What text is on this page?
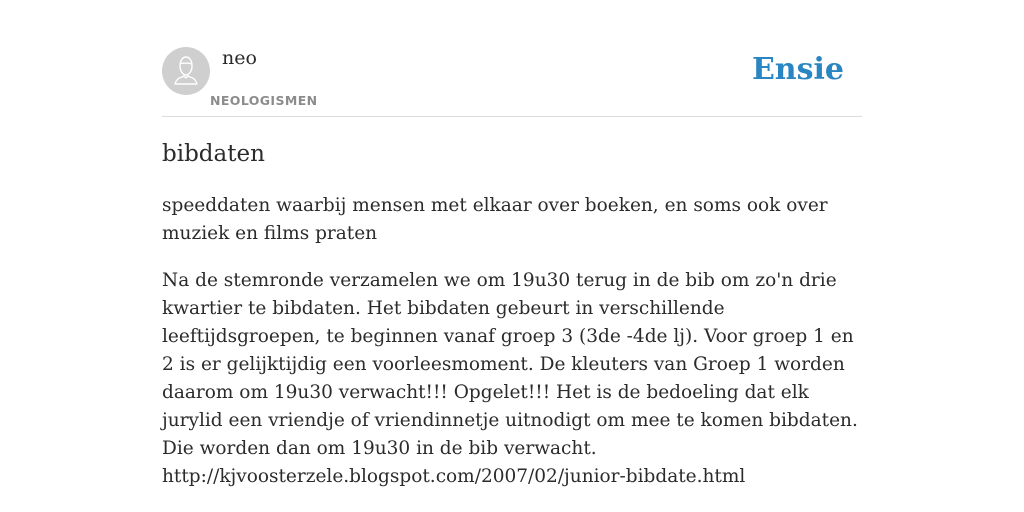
neo
NEOLOGISMEN
Ensie
bibdaten

speeddaten waarbij mensen met elkaar over boeken, en soms ook over muziek en films praten

Na de stemronde verzamelen we om 19u30 terug in de bib om zo'n drie kwartier te bibdaten. Het bibdaten gebeurt in verschillende leeftijdsgroepen, te beginnen vanaf groep 3 (3de -4de lj). Voor groep 1 en 2 is er gelijktijdig een voorleesmoment. De kleuters van Groep 1 worden daarom om 19u30 verwacht!!! Opgelet!!! Het is de bedoeling dat elk jurylid een vriendje of vriendinnetje uitnodigt om mee te komen bibdaten. Die worden dan om 19u30 in de bib verwacht.
http://kjvoosterzele.blogspot.com/2007/02/junior-bibdate.html
